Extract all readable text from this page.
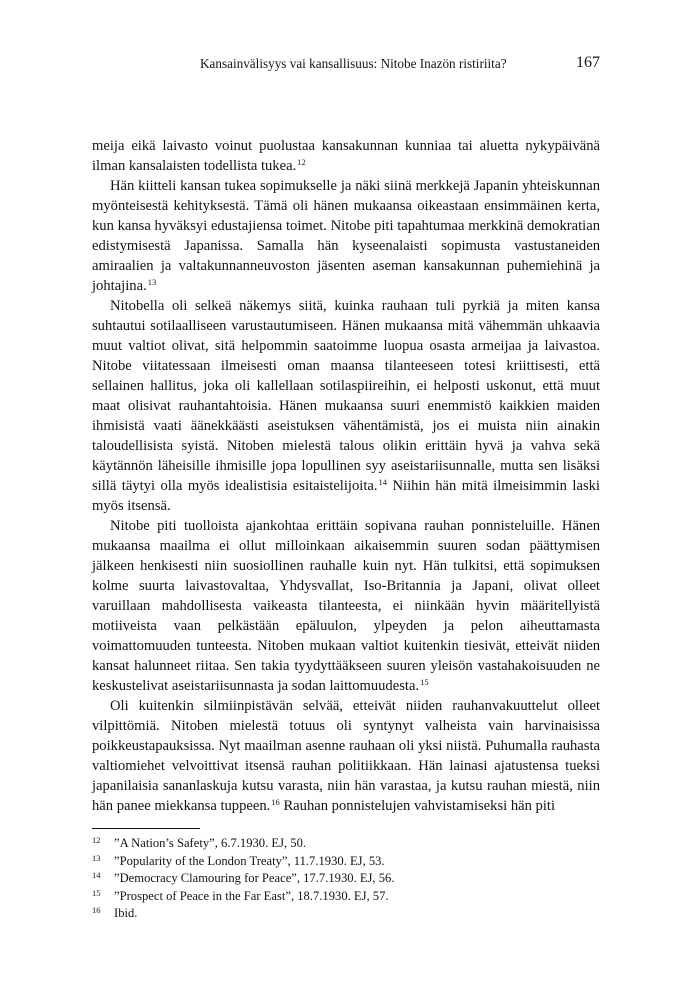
Kansainvälisyys vai kansallisuus: Nitobe Inazön ristiriita?	167

meija eikä laivasto voinut puolustaa kansakunnan kunniaa tai aluetta nykypäivänä ilman kansalaisten todellista tukea.$^{12}$

Hän kiitteli kansan tukea sopimukselle ja näki siinä merkkejä Japanin yhteiskunnan myönteisestä kehityksestä. Tämä oli hänen mukaansa oikeastaan ensimmäinen kerta, kun kansa hyväksyi edustajiensa toimet. Nitobe piti tapahtumaa merkkinä demokratian edistymisestä Japanissa. Samalla hän kyseenalaisti sopimusta vastustaneiden amiraalien ja valtakunnanneuvoston jäsenten aseman kansakunnan puhemiehinä ja johtajina.$^{13}$

Nitobella oli selkeä näkemys siitä, kuinka rauhaan tuli pyrkiä ja miten kansa suhtautui sotilaalliseen varustautumiseen. Hänen mukaansa mitä vähemmän uhkaavia muut valtiot olivat, sitä helpommin saatoimme luopua osasta armeijaa ja laivastoa. Nitobe viitatessaan ilmeisesti oman maansa tilanteeseen totesi kriittisesti, että sellainen hallitus, joka oli kallellaan sotilaspiireihin, ei helposti uskonut, että muut maat olisivat rauhantahtoisia. Hänen mukaansa suuri enemmistö kaikkien maiden ihmisistä vaati äänekkäästi aseistuksen vähentämistä, jos ei muista niin ainakin taloudellisista syistä. Nitoben mielestä talous olikin erittäin hyvä ja vahva sekä käytännön läheisille ihmisille jopa lopullinen syy aseistariisunnalle, mutta sen lisäksi sillä täytyi olla myös idealistisia esitaistelijoita.$^{14}$ Niihin hän mitä ilmeisimmin laski myös itsensä.

Nitobe piti tuolloista ajankohtaa erittäin sopivana rauhan ponnisteluille. Hänen mukaansa maailma ei ollut milloinkaan aikaisemmin suuren sodan päättymisen jälkeen henkisesti niin suosiollinen rauhalle kuin nyt. Hän tulkitsi, että sopimuksen kolme suurta laivastovaltaa, Yhdysvallat, Iso-Britannia ja Japani, olivat olleet varuillaan mahdollisesta vaikeasta tilanteesta, ei niinkään hyvin määritellyistä motiiveista vaan pelkästään epäluulon, ylpeyden ja pelon aiheuttamasta voimattomuuden tunteesta. Nitoben mukaan valtiot kuitenkin tiesivät, etteivät niiden kansat halunneet riitaa. Sen takia tyydyttääkseen suuren yleisön vastahakoisuuden ne keskustelivat aseistariisunnasta ja sodan laittomuudesta.$^{15}$

Oli kuitenkin silmiinpistävän selvää, etteivät niiden rauhanvakuuttelut olleet vilpittömiä. Nitoben mielestä totuus oli syntynyt valheista vain harvinaisissa poikkeustapauksissa. Nyt maailman asenne rauhaan oli yksi niistä. Puhumalla rauhasta valtiomiehet velvoittivat itsensä rauhan politiikkaan. Hän lainasi ajatustensa tueksi japanilaisia sananlaskuja kutsu varasta, niin hän varastaa, ja kutsu rauhan miestä, niin hän panee miekkansa tuppeen.$^{16}$ Rauhan ponnistelujen vahvistamiseksi hän piti

12 ”A Nation’s Safety”, 6.7.1930. EJ, 50.
13 ”Popularity of the London Treaty”, 11.7.1930. EJ, 53.
14 ”Democracy Clamouring for Peace”, 17.7.1930. EJ, 56.
15 ”Prospect of Peace in the Far East”, 18.7.1930. EJ, 57.
16 Ibid.
